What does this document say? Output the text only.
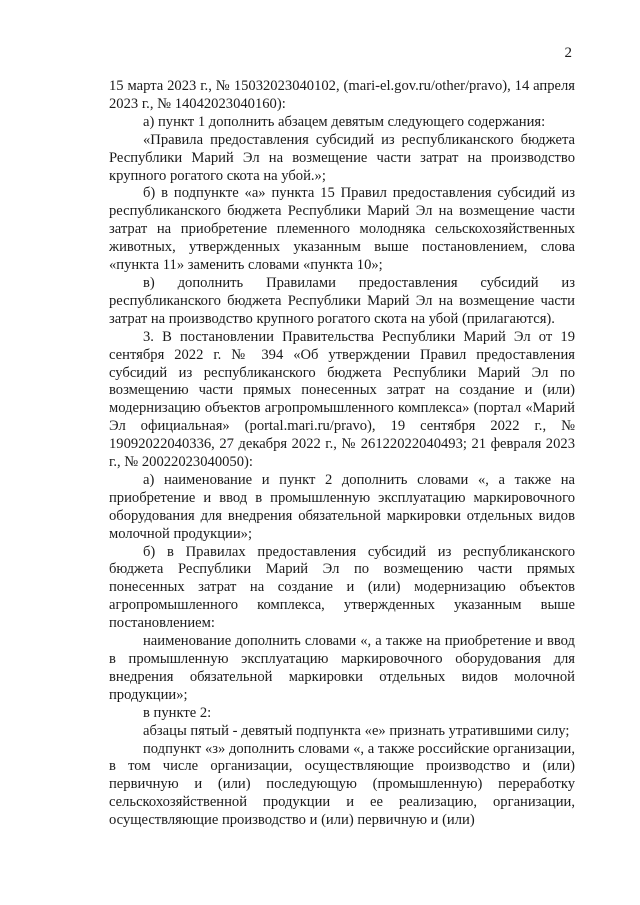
2

15 марта 2023 г., № 15032023040102, (mari-el.gov.ru/other/pravo), 14 апреля 2023 г., № 14042023040160):

а) пункт 1 дополнить абзацем девятым следующего содержания:

«Правила предоставления субсидий из республиканского бюджета Республики Марий Эл на возмещение части затрат на производство крупного рогатого скота на убой.»;

б) в подпункте «а» пункта 15 Правил предоставления субсидий из республиканского бюджета Республики Марий Эл на возмещение части затрат на приобретение племенного молодняка сельскохозяйственных животных, утвержденных указанным выше постановлением, слова «пункта 11» заменить словами «пункта 10»;

в) дополнить Правилами предоставления субсидий из республиканского бюджета Республики Марий Эл на возмещение части затрат на производство крупного рогатого скота на убой (прилагаются).

3. В постановлении Правительства Республики Марий Эл от 19 сентября 2022 г. № 394 «Об утверждении Правил предоставления субсидий из республиканского бюджета Республики Марий Эл по возмещению части прямых понесенных затрат на создание и (или) модернизацию объектов агропромышленного комплекса» (портал «Марий Эл официальная» (portal.mari.ru/pravo), 19 сентября 2022 г., № 19092022040336, 27 декабря 2022 г., № 26122022040493; 21 февраля 2023 г., № 20022023040050):

а) наименование и пункт 2 дополнить словами «, а также на приобретение и ввод в промышленную эксплуатацию маркировочного оборудования для внедрения обязательной маркировки отдельных видов молочной продукции»;

б) в Правилах предоставления субсидий из республиканского бюджета Республики Марий Эл по возмещению части прямых понесенных затрат на создание и (или) модернизацию объектов агропромышленного комплекса, утвержденных указанным выше постановлением:

наименование дополнить словами «, а также на приобретение и ввод в промышленную эксплуатацию маркировочного оборудования для внедрения обязательной маркировки отдельных видов молочной продукции»;

в пункте 2:

абзацы пятый - девятый подпункта «е» признать утратившими силу;

подпункт «з» дополнить словами «, а также российские организации, в том числе организации, осуществляющие производство и (или) первичную и (или) последующую (промышленную) переработку сельскохозяйственной продукции и ее реализацию, организации, осуществляющие производство и (или) первичную и (или)
